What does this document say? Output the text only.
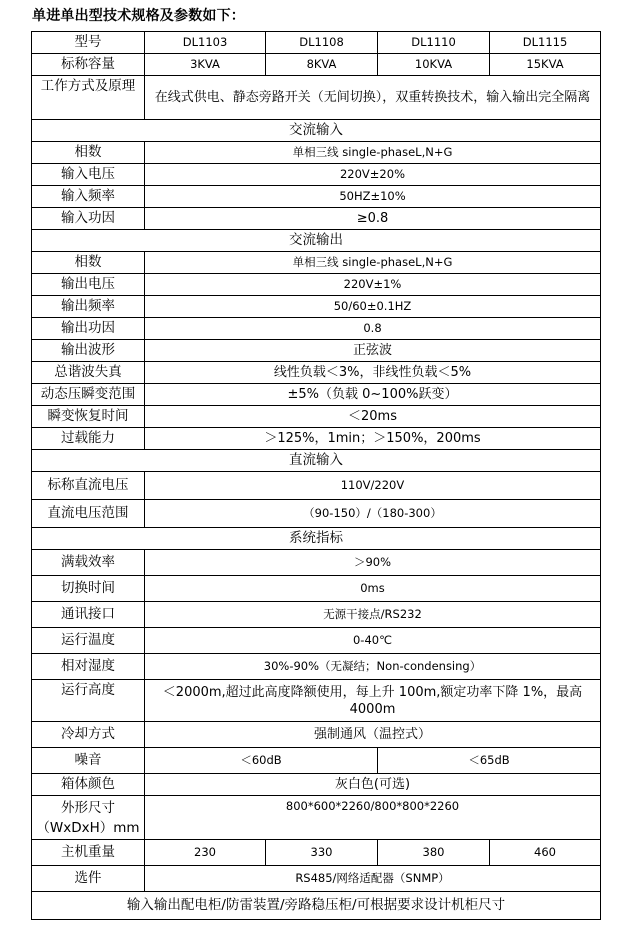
单进单出型技术规格及参数如下：
型号	DL1103	DL1108	DL1110	DL1115
标称容量	3KVA	8KVA	10KVA	15KVA
工作方式及原理	在线式供电、静态旁路开关（无间切换），双重转换技术，输入输出完全隔离			
交流输入				
相数	单相三线 single-phaseL,N+G			
输入电压	220V±20%			
输入频率	50HZ±10%			
输入功因	≥0.8			
交流输出				
相数	单相三线 single-phaseL,N+G			
输出电压	220V±1%			
输出频率	50/60±0.1HZ			
输出功因	0.8			
输出波形	正弦波			
总谐波失真	线性负载＜3%，非线性负载＜5%			
动态压瞬变范围	±5%（负载 0~100%跃变）			
瞬变恢复时间	＜20ms			
过载能力	＞125%，1min；＞150%，200ms			
直流输入				
标称直流电压	110V/220V			
直流电压范围	（90-150）/（180-300）			
系统指标				
满载效率	＞90%			
切换时间	0ms			
通讯接口	无源干接点/RS232			
运行温度	0-40℃			
相对湿度	30%-90%（无凝结；Non-condensing）			
运行高度	＜2000m,超过此高度降额使用，每上升 100m,额定功率下降 1%，最高4000m			
冷却方式	强制通风（温控式）			
噪音	＜60dB		＜65dB	
箱体颜色	灰白色(可选)			
外形尺寸（WxDxH）mm	800*600*2260/800*800*2260			
主机重量	230	330	380	460
选件	RS485/网络适配器（SNMP）			
输入输出配电柜/防雷装置/旁路稳压柜/可根据要求设计机柜尺寸				
